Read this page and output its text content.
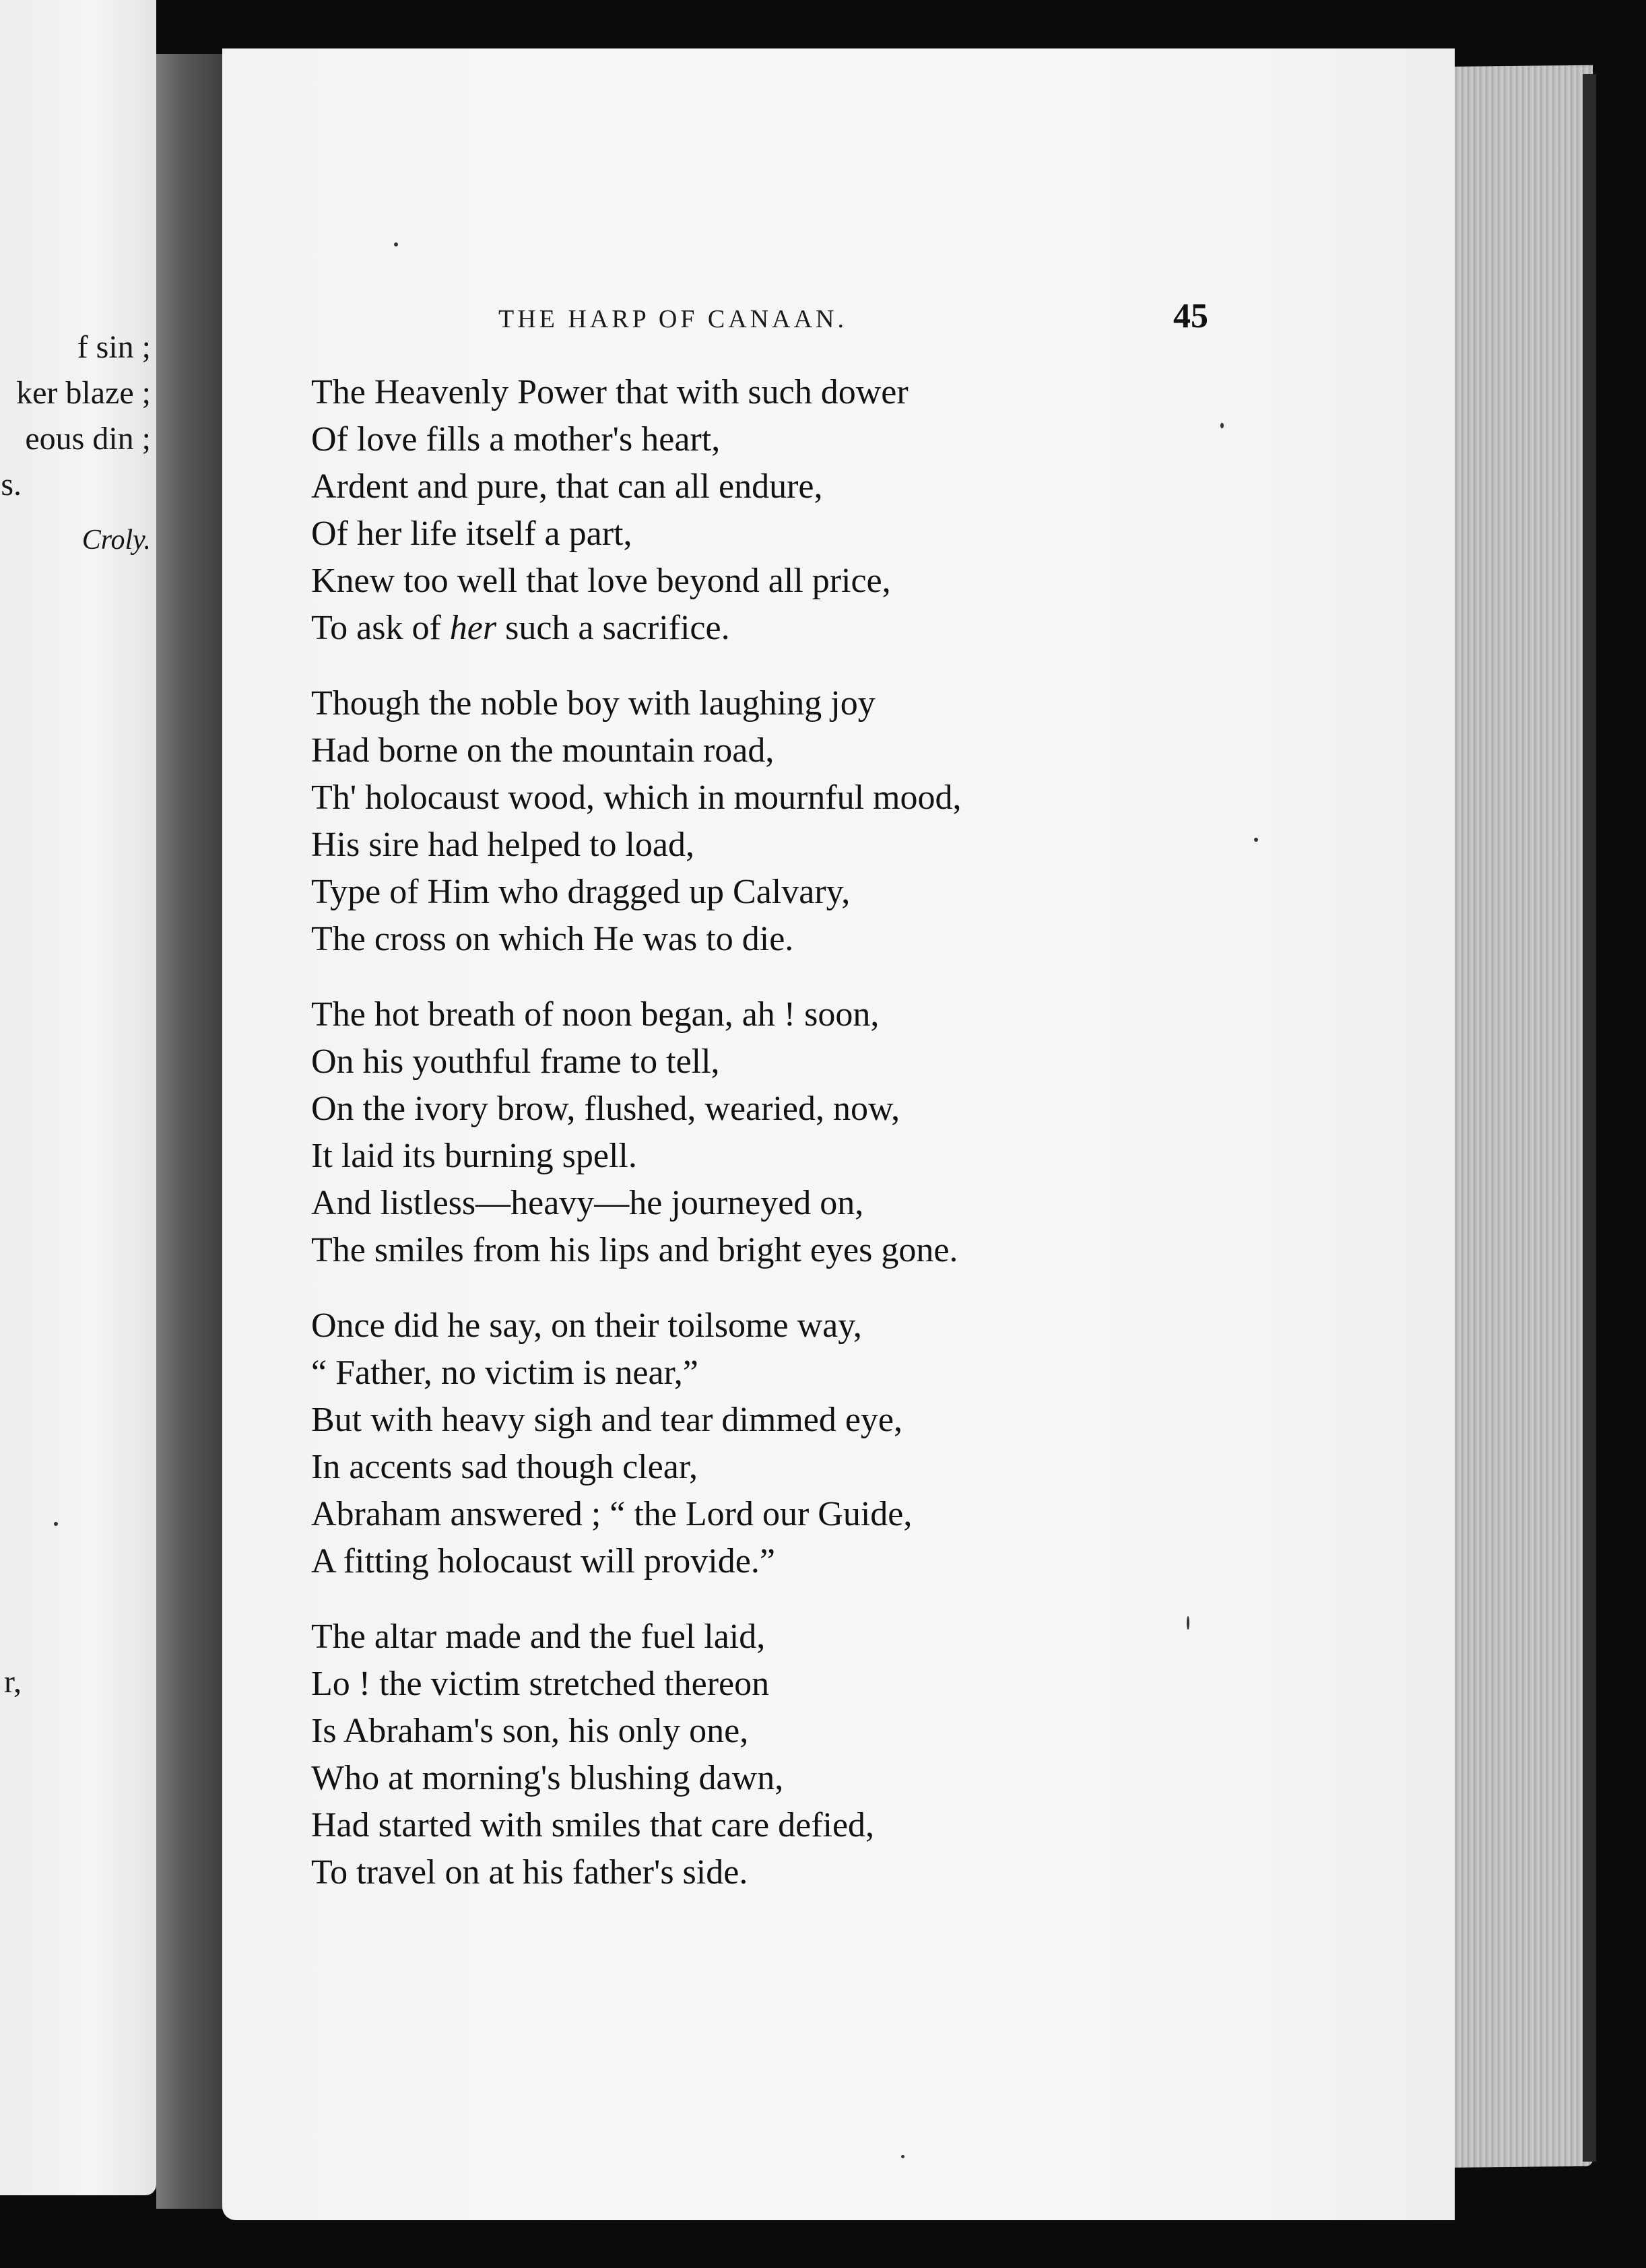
f sin ;
ker blaze ;
eous din ;
s.
Croly.
r,
THE HARP OF CANAAN.	45
The Heavenly Power that with such dower
Of love fills a mother's heart,
Ardent and pure, that can all endure,
Of her life itself a part,
Knew too well that love beyond all price,
To ask of her such a sacrifice.
Though the noble boy with laughing joy
Had borne on the mountain road,
Th' holocaust wood, which in mournful mood,
His sire had helped to load,
Type of Him who dragged up Calvary,
The cross on which He was to die.
The hot breath of noon began, ah ! soon,
On his youthful frame to tell,
On the ivory brow, flushed, wearied, now,
It laid its burning spell.
And listless—heavy—he journeyed on,
The smiles from his lips and bright eyes gone.
Once did he say, on their toilsome way,
“ Father, no victim is near,”
But with heavy sigh and tear dimmed eye,
In accents sad though clear,
Abraham answered ; “ the Lord our Guide,
A fitting holocaust will provide.”
The altar made and the fuel laid,
Lo ! the victim stretched thereon
Is Abraham's son, his only one,
Who at morning's blushing dawn,
Had started with smiles that care defied,
To travel on at his father's side.
